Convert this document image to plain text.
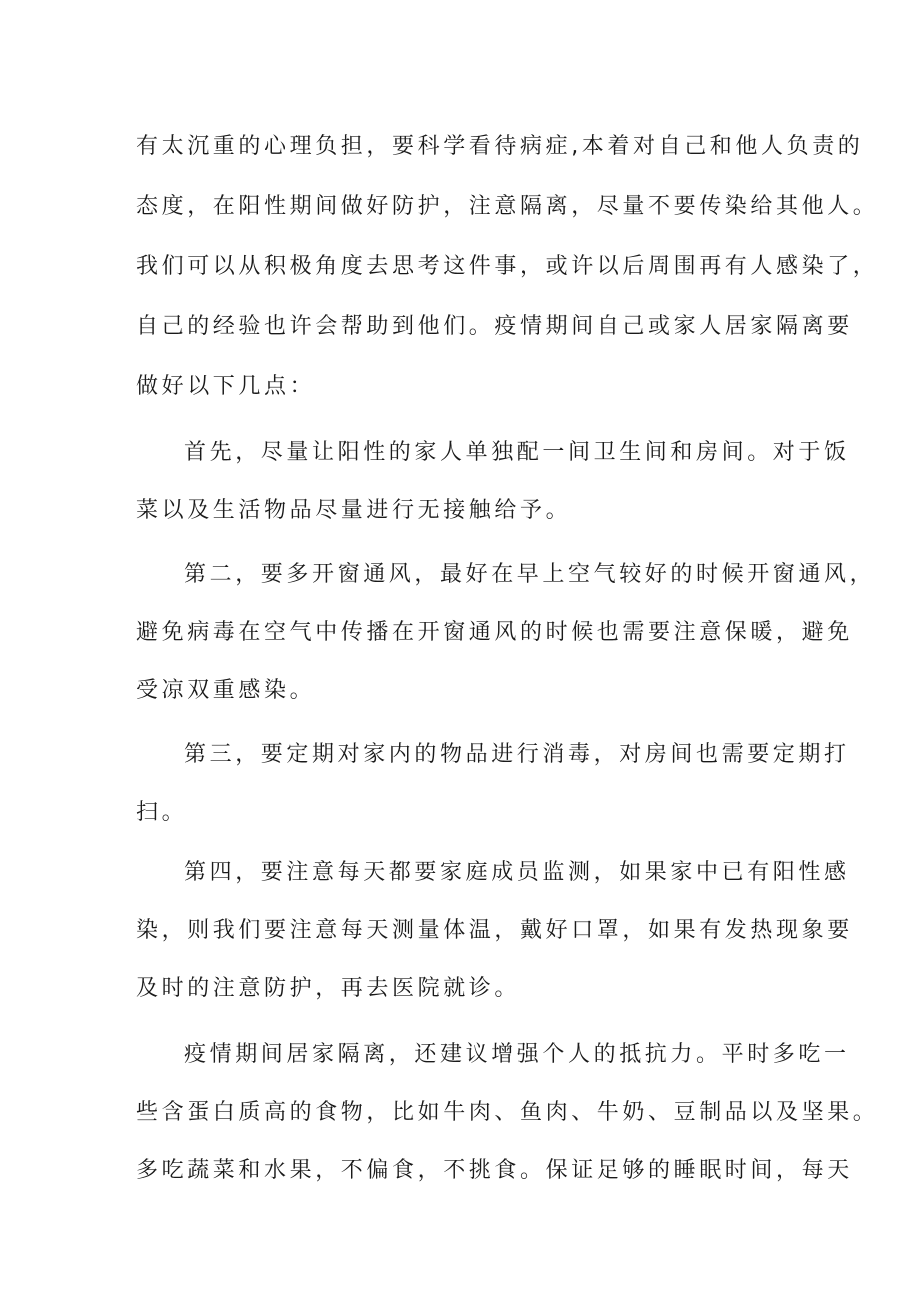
有太沉重的心理负担，要科学看待病症,本着对自己和他人负责的

态度，在阳性期间做好防护，注意隔离，尽量不要传染给其他人。

我们可以从积极角度去思考这件事，或许以后周围再有人感染了，

自己的经验也许会帮助到他们。疫情期间自己或家人居家隔离要

做好以下几点：

首先，尽量让阳性的家人单独配一间卫生间和房间。对于饭

菜以及生活物品尽量进行无接触给予。

第二，要多开窗通风，最好在早上空气较好的时候开窗通风，

避免病毒在空气中传播在开窗通风的时候也需要注意保暖，避免

受凉双重感染。

第三，要定期对家内的物品进行消毒，对房间也需要定期打

扫。

第四，要注意每天都要家庭成员监测，如果家中已有阳性感

染，则我们要注意每天测量体温，戴好口罩，如果有发热现象要

及时的注意防护，再去医院就诊。

疫情期间居家隔离，还建议增强个人的抵抗力。平时多吃一

些含蛋白质高的食物，比如牛肉、鱼肉、牛奶、豆制品以及坚果。

多吃蔬菜和水果，不偏食，不挑食。保证足够的睡眠时间，每天
